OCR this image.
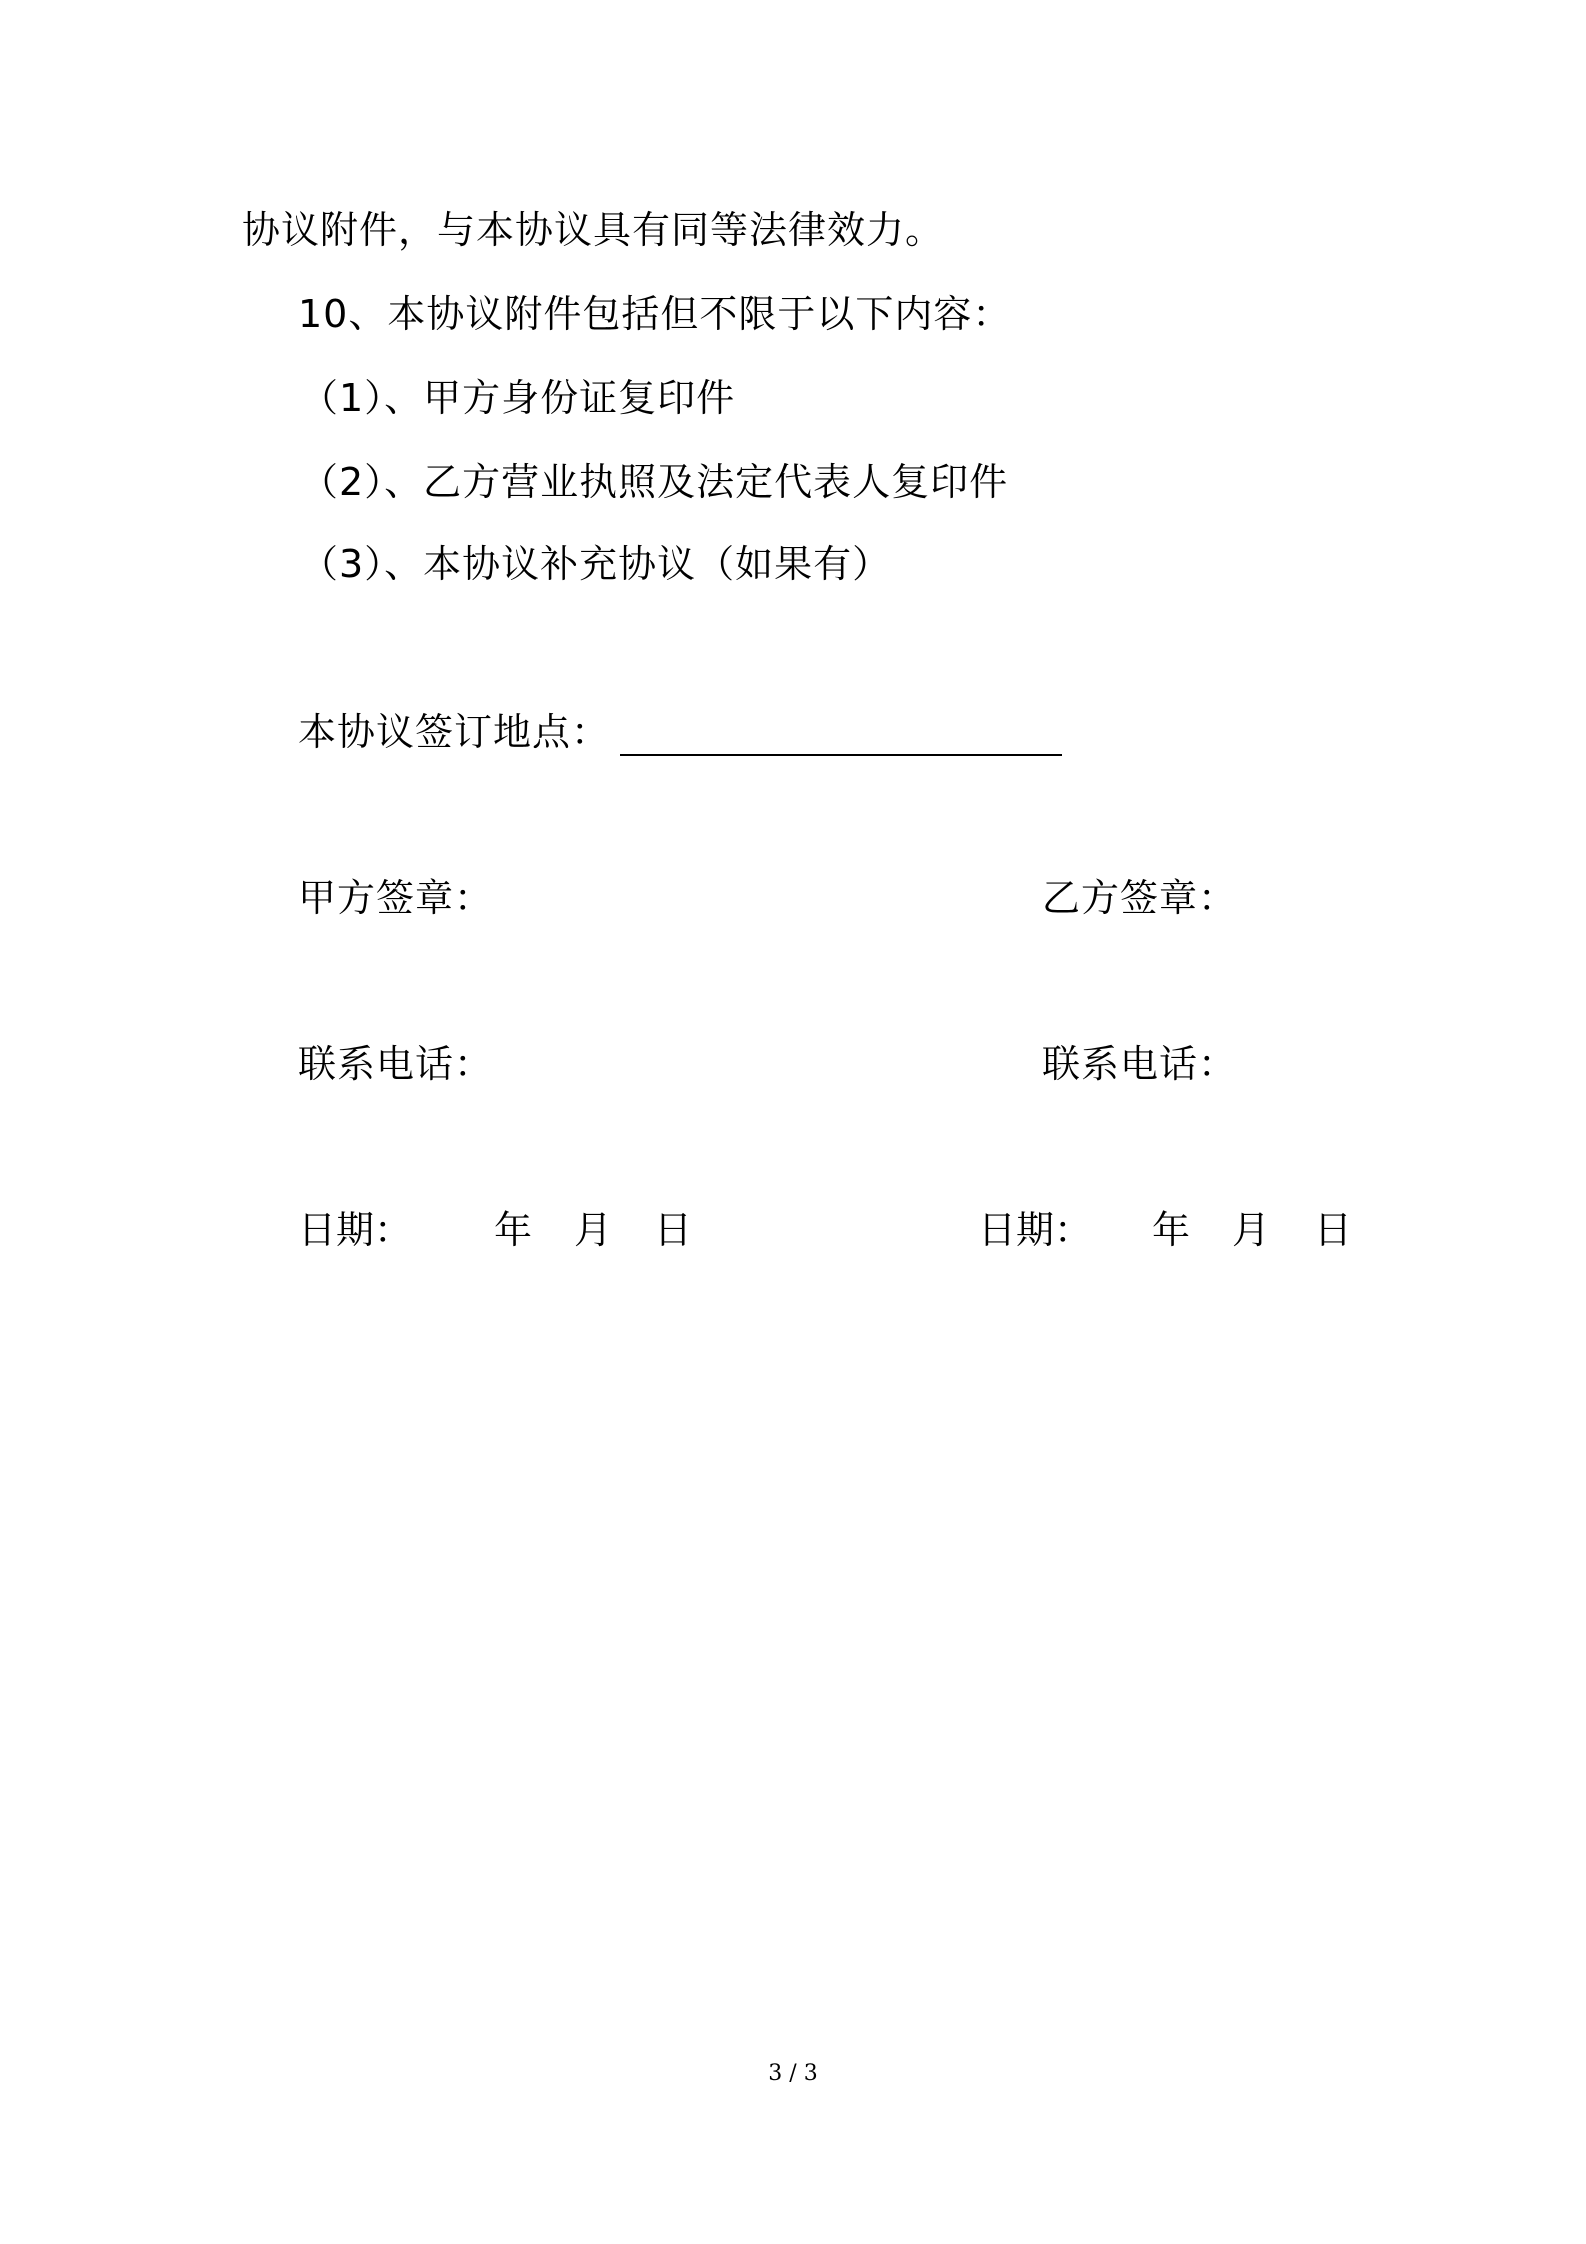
协议附件，与本协议具有同等法律效力。
10、本协议附件包括但不限于以下内容：
（1）、甲方身份证复印件
（2）、乙方营业执照及法定代表人复印件
（3）、本协议补充协议（如果有）
本协议签订地点：
甲方签章：
联系电话：
日期： 年 月 日
乙方签章：
联系电话：
日期： 年 月 日
3 / 3
